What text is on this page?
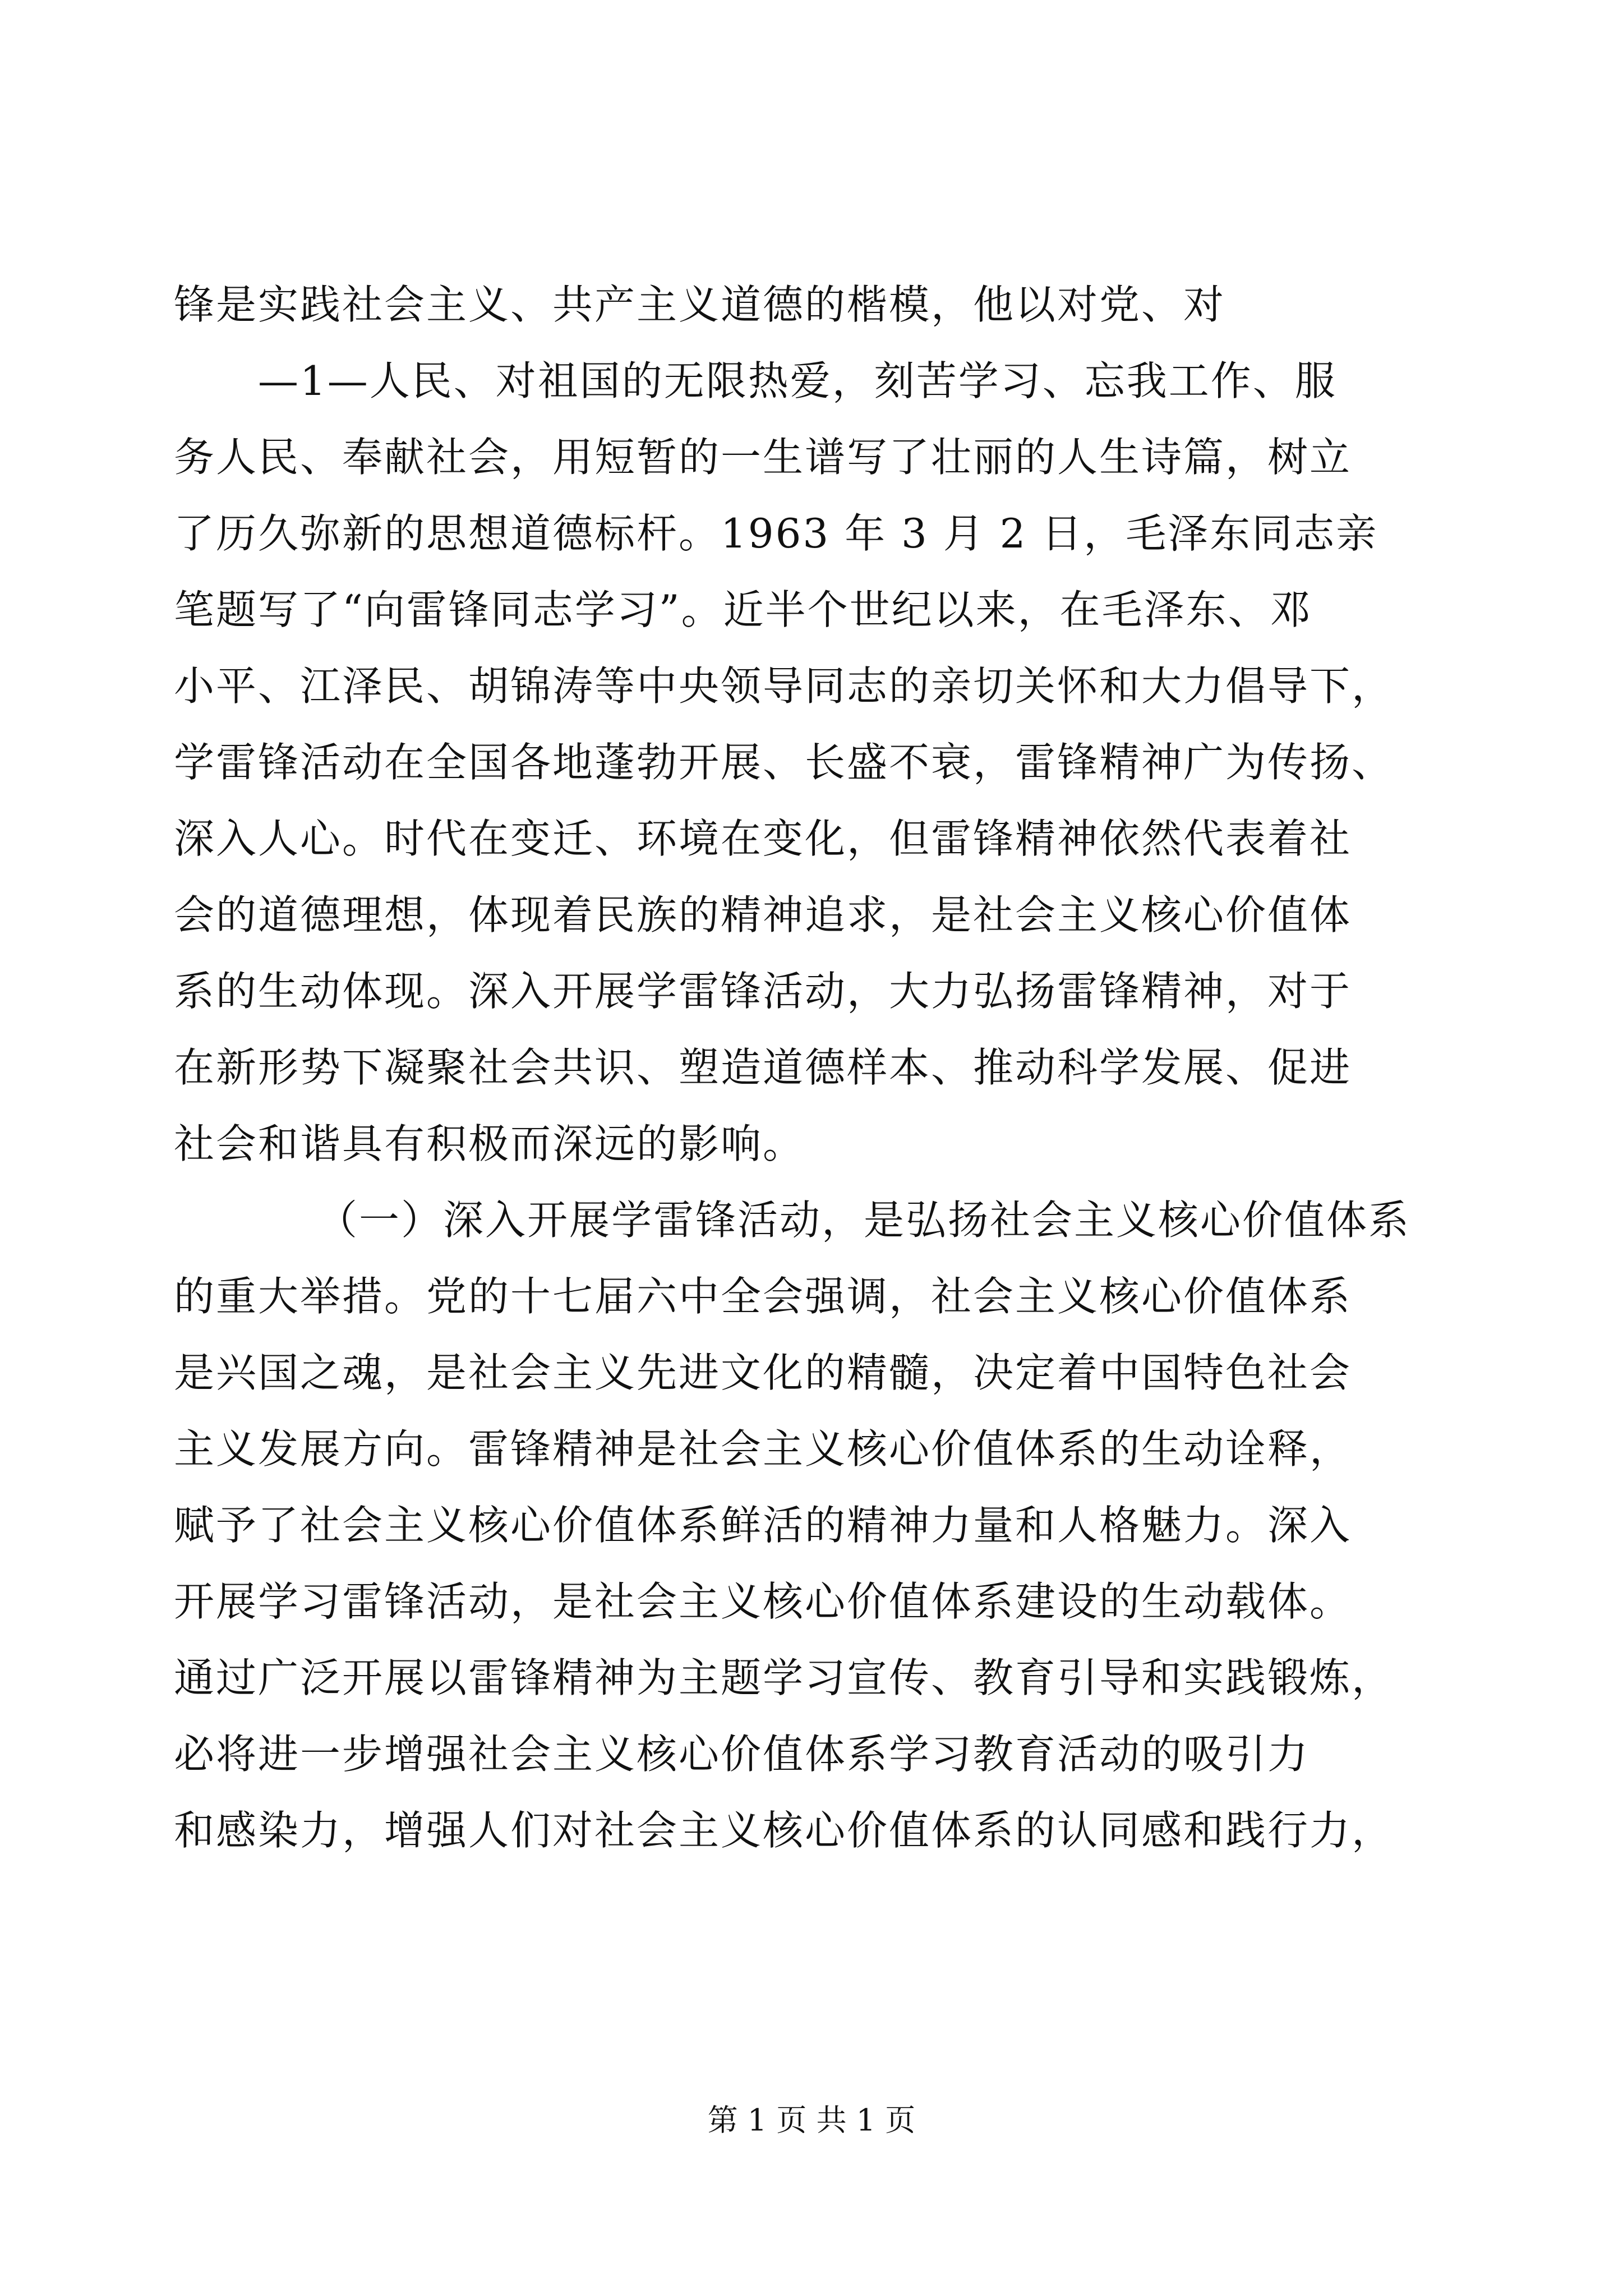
锋是实践社会主义、共产主义道德的楷模，他以对党、对
—1—人民、对祖国的无限热爱，刻苦学习、忘我工作、服
务人民、奉献社会，用短暂的一生谱写了壮丽的人生诗篇，树立
了历久弥新的思想道德标杆。1963 年 3 月 2 日，毛泽东同志亲
笔题写了“向雷锋同志学习”。近半个世纪以来，在毛泽东、邓
小平、江泽民、胡锦涛等中央领导同志的亲切关怀和大力倡导下，
学雷锋活动在全国各地蓬勃开展、长盛不衰，雷锋精神广为传扬、
深入人心。时代在变迁、环境在变化，但雷锋精神依然代表着社
会的道德理想，体现着民族的精神追求，是社会主义核心价值体
系的生动体现。深入开展学雷锋活动，大力弘扬雷锋精神，对于
在新形势下凝聚社会共识、塑造道德样本、推动科学发展、促进
社会和谐具有积极而深远的影响。
（一）深入开展学雷锋活动，是弘扬社会主义核心价值体系
的重大举措。党的十七届六中全会强调，社会主义核心价值体系
是兴国之魂，是社会主义先进文化的精髓，决定着中国特色社会
主义发展方向。雷锋精神是社会主义核心价值体系的生动诠释，
赋予了社会主义核心价值体系鲜活的精神力量和人格魅力。深入
开展学习雷锋活动，是社会主义核心价值体系建设的生动载体。
通过广泛开展以雷锋精神为主题学习宣传、教育引导和实践锻炼，
必将进一步增强社会主义核心价值体系学习教育活动的吸引力
和感染力，增强人们对社会主义核心价值体系的认同感和践行力，
第 1 页 共 1 页
